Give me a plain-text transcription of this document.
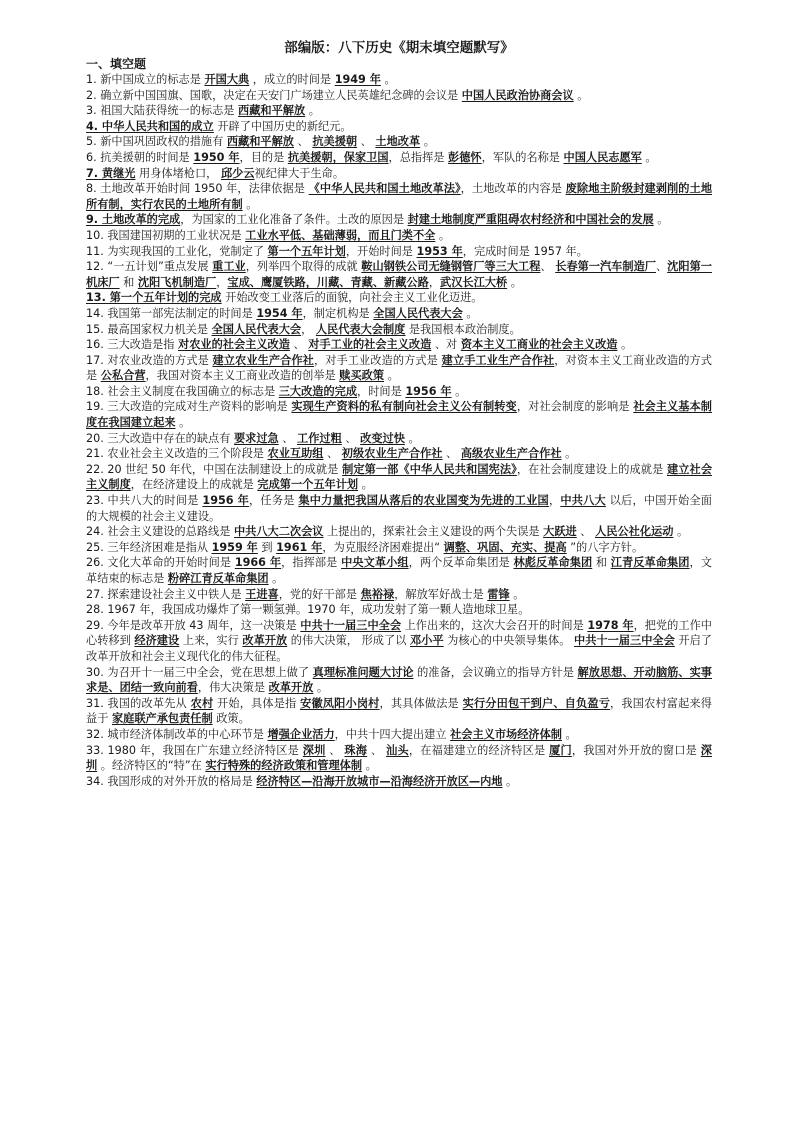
部编版：八下历史《期末填空题默写》
一、填空题
1. 新中国成立的标志是 开国大典 ，成立的时间是 1949 年 。
2. 确立新中国国旗、国歌，决定在天安门广场建立人民英雄纪念碑的会议是 中国人民政治协商会议 。
3. 祖国大陆获得统一的标志是 西藏和平解放 。
4. 中华人民共和国的成立 开辟了中国历史的新纪元。
5. 新中国巩固政权的措施有 西藏和平解放 、 抗美援朝 、 土地改革 。
6. 抗美援朝的时间是 1950 年，目的是 抗美援朝，保家卫国，总指挥是 彭德怀，军队的名称是 中国人民志愿军 。
7. 黄继光 用身体堵枪口， 邱少云视纪律大于生命。
8. 土地改革开始时间 1950 年，法律依据是 《中华人民共和国土地改革法》，土地改革的内容是 废除地主阶级封建剥削的土地所有制，实行农民的土地所有制 。
9. 土地改革的完成，为国家的工业化准备了条件。土改的原因是 封建土地制度严重阻碍农村经济和中国社会的发展 。
10. 我国建国初期的工业状况是 工业水平低、基础薄弱，而且门类不全 。
11. 为实现我国的工业化，党制定了 第一个五年计划，开始时间是 1953 年，完成时间是 1957 年。
12. “一五计划”重点发展 重工业，列举四个取得的成就 鞍山钢铁公司无缝钢管厂等三大工程、 长春第一汽车制造厂、沈阳第一机床厂 和 沈阳飞机制造厂，宝成、鹰厦铁路，川藏、青藏、新藏公路，武汉长江大桥 。
13. 第一个五年计划的完成 开始改变工业落后的面貌，向社会主义工业化迈进。
14. 我国第一部宪法制定的时间是 1954 年，制定机构是 全国人民代表大会 。
15. 最高国家权力机关是 全国人民代表大会， 人民代表大会制度 是我国根本政治制度。
16. 三大改造是指 对农业的社会主义改造 、 对手工业的社会主义改造 、对 资本主义工商业的社会主义改造 。
17. 对农业改造的方式是 建立农业生产合作社，对手工业改造的方式是 建立手工业生产合作社，对资本主义工商业改造的方式是 公私合营，我国对资本主义工商业改造的创举是 赎买政策 。
18. 社会主义制度在我国确立的标志是 三大改造的完成，时间是 1956 年 。
19. 三大改造的完成对生产资料的影响是 实现生产资料的私有制向社会主义公有制转变，对社会制度的影响是 社会主义基本制度在我国建立起来 。
20. 三大改造中存在的缺点有 要求过急 、 工作过粗 、 改变过快 。
21. 农业社会主义改造的三个阶段是 农业互助组 、 初级农业生产合作社 、 高级农业生产合作社 。
22. 20 世纪 50 年代，中国在法制建设上的成就是 制定第一部《中华人民共和国宪法》，在社会制度建设上的成就是 建立社会主义制度，在经济建设上的成就是 完成第一个五年计划 。
23. 中共八大的时间是 1956 年，任务是 集中力量把我国从落后的农业国变为先进的工业国，中共八大 以后，中国开始全面的大规模的社会主义建设。
24. 社会主义建设的总路线是 中共八大二次会议 上提出的，探索社会主义建设的两个失误是 大跃进 、 人民公社化运动 。
25. 三年经济困难是指从 1959 年 到 1961 年，为克服经济困难提出“ 调整、巩固、充实、提高 ”的八字方针。
26. 文化大革命的开始时间是 1966 年，指挥部是 中央文革小组，两个反革命集团是 林彪反革命集团 和 江青反革命集团，文革结束的标志是 粉碎江青反革命集团 。
27. 探索建设社会主义中铁人是 王进喜，党的好干部是 焦裕禄，解放军好战士是 雷锋 。
28. 1967 年，我国成功爆炸了第一颗氢弹。1970 年，成功发射了第一颗人造地球卫星。
29. 今年是改革开放 43 周年，这一决策是 中共十一届三中全会 上作出来的，这次大会召开的时间是 1978 年，把党的工作中心转移到 经济建设 上来，实行 改革开放 的伟大决策， 形成了以 邓小平 为核心的中央领导集体。 中共十一届三中全会 开启了改革开放和社会主义现代化的伟大征程。
30. 为召开十一届三中全会，党在思想上做了 真理标准问题大讨论 的准备，会议确立的指导方针是 解放思想、开动脑筋、实事求是、团结一致向前看，伟大决策是 改革开放 。
31. 我国的改革先从 农村 开始，具体是指 安徽凤阳小岗村，其具体做法是 实行分田包干到户、自负盈亏，我国农村富起来得益于 家庭联产承包责任制 政策。
32. 城市经济体制改革的中心环节是 增强企业活力，中共十四大提出建立 社会主义市场经济体制 。
33. 1980 年，我国在广东建立经济特区是 深圳 、 珠海 、 汕头，在福建建立的经济特区是 厦门，我国对外开放的窗口是 深圳 。经济特区的“特”在 实行特殊的经济政策和管理体制 。
34. 我国形成的对外开放的格局是 经济特区—沿海开放城市—沿海经济开放区—内地 。
